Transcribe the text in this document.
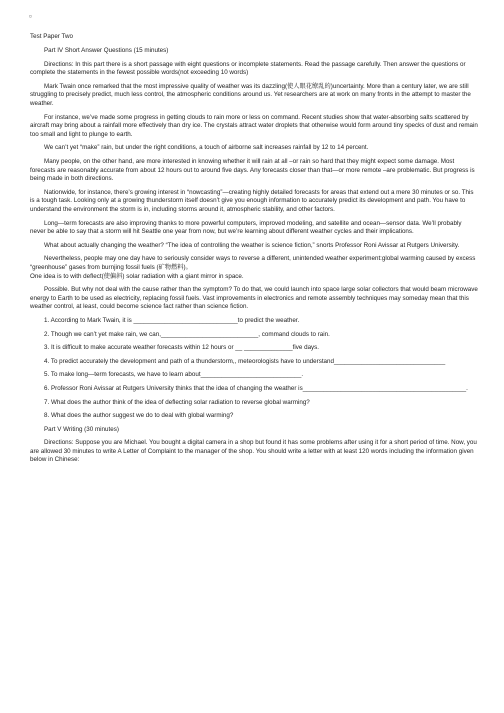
¤

Test Paper Two

Part IV Short Answer Questions (15 minutes)

Directions: In this part there is a short passage with eight questions or incomplete statements. Read the passage carefully. Then answer the questions or complete the statements in the fewest possible words(not exceeding 10 words)

Mark Twain once remarked that the most impressive quality of weather was its dazzling(使人眼花缭乱的)uncertainty. More than a century later, we are still struggling to precisely predict, much less control, the atmospheric conditions around us. Yet researchers are at work on many fronts in the attempt to master the weather.

For instance, we’ve made some progress in getting clouds to rain more or less on command. Recent studies show that water-absorbing salts scattered by aircraft may bring about a rainfall more effectively than dry ice. The crystals attract water droplets that otherwise would form around tiny specks of dust and remain too small and light to plunge to earth.

We can’t yet “make” rain, but under the right conditions, a touch of airborne salt increases rainfall by 12 to 14 percent.

Many people, on the other hand, are more interested in knowing whether it will rain at all –or rain so hard that they might expect some damage. Most forecasts are reasonably accurate from about 12 hours out to around five days. Any forecasts closer than that—or more remote –are problematic. But progress is being made in both directions.

Nationwide, for instance, there’s growing interest in “nowcasting”—creating highly detailed forecasts for areas that extend out a mere 30 minutes or so. This is a tough task. Looking only at a growing thunderstorm itself doesn’t give you enough information to accurately predict its development and path. You have to understand the environment the storm is in, including storms around it, atmospheric stability, and other factors.

Long—term forecasts are also improving thanks to more powerful computers, improved modeling, and satellite and ocean—sensor data. We’ll probably never be able to say that a storm will hit Seattle one year from now, but we’re learning about different weather cycles and their implications.

What about actually changing the weather? “The idea of controlling the weather is science fiction,” snorts Professor Roni Avissar at Rutgers University.

Nevertheless, people may one day have to seriously consider ways to reverse a different, unintended weather experiment:global warming caused by excess “greenhouse” gases from burnjing fossil fuels (矿物燃料)。

One idea is to with deflect(使偏斜) solar radiation with a giant mirror in space.

Possible. But why not deal with the cause rather than the symptom? To do that, we could launch into space large solar collectors that would beam microwave energy to Earth to be used as electricity, replacing fossil fuels. Vast improvements in electronics and remote assembly techniques may someday mean that this weather control, at least, could become science fact rather than science fiction.

1. According to Mark Twain, it is ______________________________to predict the weather.

2. Though we can’t yet make rain, we can,____________________________, command clouds to rain.

3. It is difficult to make accurate weather forecasts within 12 hours or __ ______________five days.

4. To predict accurately the development and path of a thunderstorm,, meteorologists have to understand________________________________

5. To make long—term forecasts, we have to learn about_____________________________.

6. Professor Roni Avissar at Rutgers University thinks that the idea of changing the weather is_______________________________________________.

7. What does the author think of the idea of deflecting solar radiation to reverse global warming?

8. What does the author suggest we do to deal with global warming?

Part V Writing (30 minutes)

Directions: Suppose you are Michael. You bought a digital camera in a shop but found it has some problems after using it for a short period of time. Now, you are allowed 30 minutes to write A Letter of Complaint to the manager of the shop. You should write a letter with at least 120 words including the information given below in Chinese:
